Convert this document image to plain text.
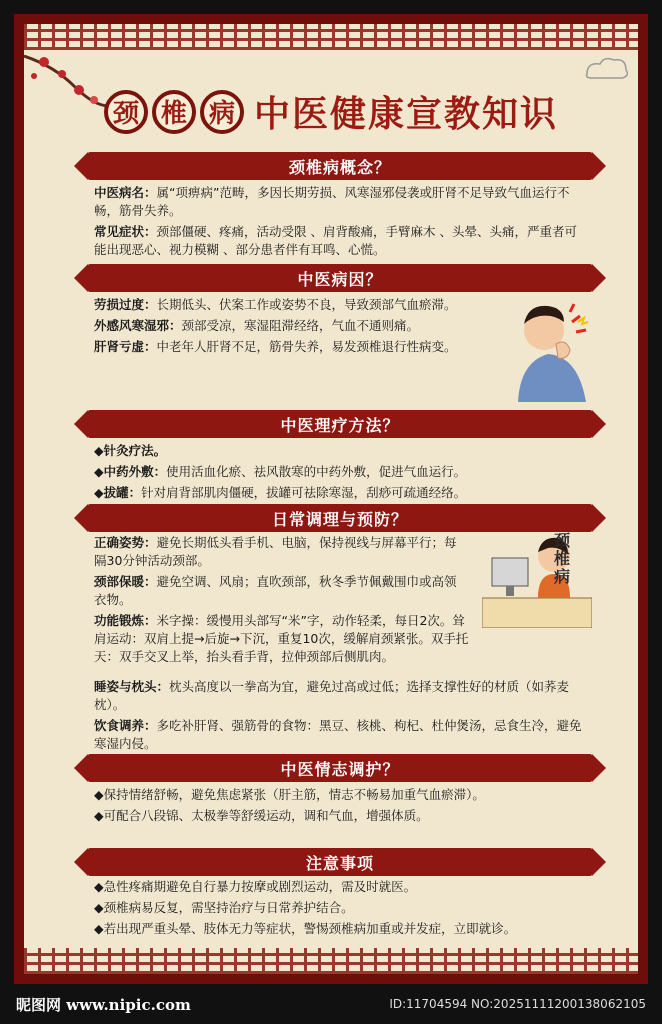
颈 椎 病 中医健康宣教知识
颈椎病概念？

中医病名：属“项痹病”范畴，多因长期劳损、风寒湿邪侵袭或肝肾不足导致气血运行不畅，筋骨失养。

常见症状：颈部僵硬、疼痛，活动受限 、肩背酸痛，手臂麻木 、头晕、头痛，严重者可能出现恶心、视力模糊 、部分患者伴有耳鸣、心慌。

中医病因？

劳损过度：长期低头、伏案工作或姿势不良，导致颈部气血瘀滞。

外感风寒湿邪：颈部受凉，寒湿阻滞经络，气血不通则痛。

肝肾亏虚：中老年人肝肾不足，筋骨失养，易发颈椎退行性病变。

中医理疗方法？

◆针灸疗法。

◆中药外敷：使用活血化瘀、祛风散寒的中药外敷，促进气血运行。

◆拔罐：针对肩背部肌肉僵硬，拔罐可祛除寒湿，刮痧可疏通经络。

日常调理与预防？

正确姿势：避免长期低头看手机、电脑，保持视线与屏幕平行；每隔30分钟活动颈部。

颈部保暖：避免空调、风扇；直吹颈部，秋冬季节佩戴围巾或高领衣物。

功能锻炼：米字操：缓慢用头部写“米”字，动作轻柔，每日2次。耸肩运动：双肩上提→后旋→下沉，重复10次，缓解肩颈紧张。双手托天：双手交叉上举，抬头看手背，拉伸颈部后侧肌肉。

睡姿与枕头：枕头高度以一拳高为宜，避免过高或过低；选择支撑性好的材质（如荞麦枕）。

饮食调养：多吃补肝肾、强筋骨的食物：黑豆、核桃、枸杞、杜仲煲汤，忌食生冷，避免寒湿内侵。

颈椎病
中医情志调护？

◆保持情绪舒畅，避免焦虑紧张（肝主筋，情志不畅易加重气血瘀滞）。

◆可配合八段锦、太极拳等舒缓运动，调和气血，增强体质。

注意事项

◆急性疼痛期避免自行暴力按摩或剧烈运动，需及时就医。

◆颈椎病易反复，需坚持治疗与日常养护结合。

◆若出现严重头晕、肢体无力等症状，警惕颈椎病加重或并发症，立即就诊。

昵图网 www.nipic.com	ID:11704594 NO:20251111200138062105
